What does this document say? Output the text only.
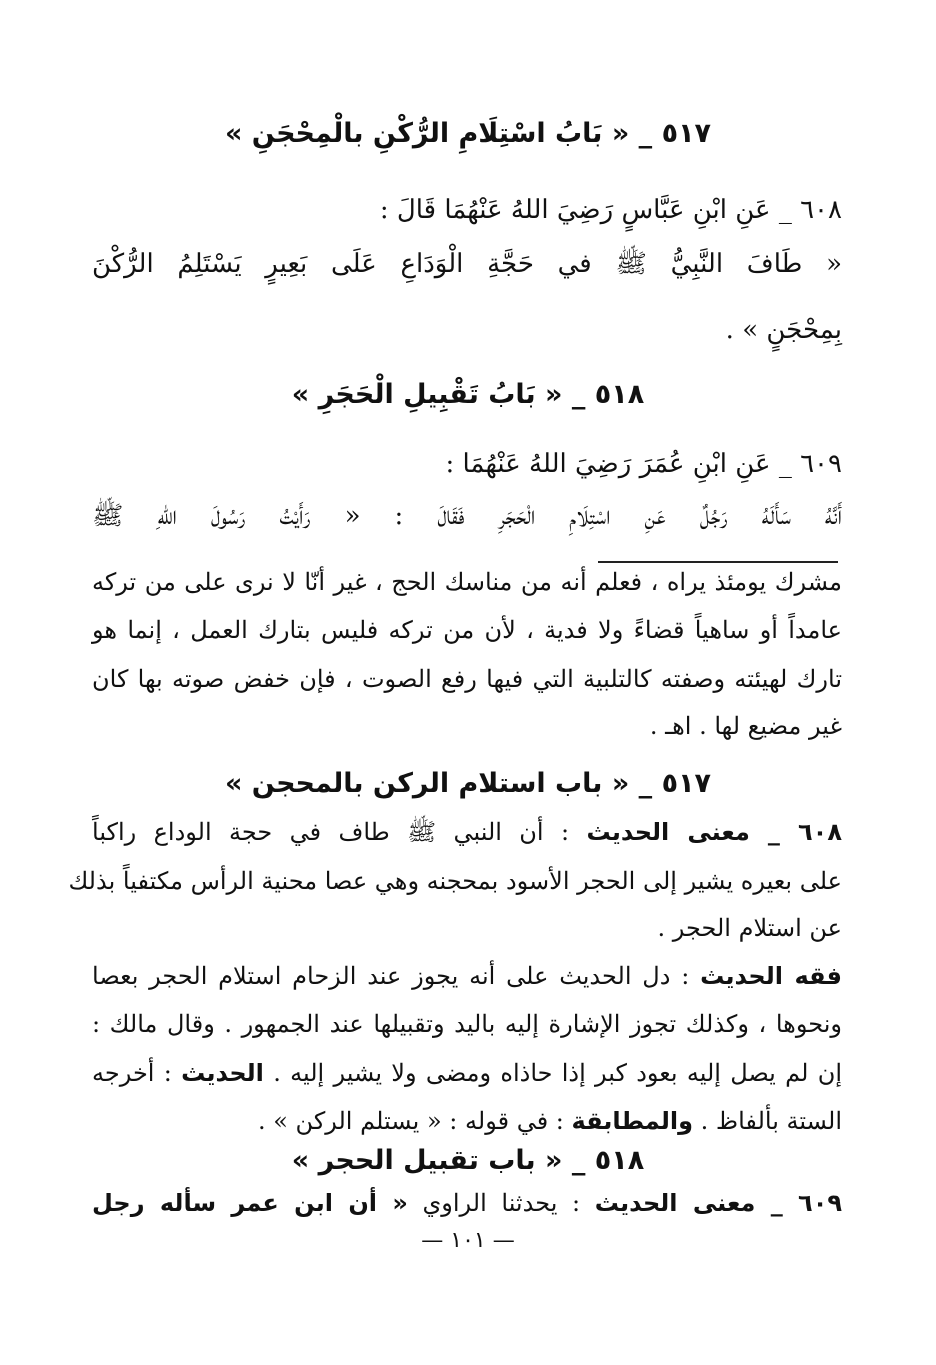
٥١٧ _ « بَابُ اسْتِلَامِ الرُّكْنِ بالْمِحْجَنِ »
٦٠٨ _ عَنِ ابْنِ عَبَّاسٍ رَضِيَ اللهُ عَنْهُمَا قَالَ :
« طَافَ النَّبِيُّ ﷺ في حَجَّةِ الْوَدَاعِ عَلَى بَعِيرٍ يَسْتَلِمُ الرُّكْنَ
بِمِحْجَنٍ » .
٥١٨ _ « بَابُ تَقْبِيلِ الْحَجَرِ »
٦٠٩ _ عَنِ ابْنِ عُمَرَ رَضِيَ اللهُ عَنْهُمَا :
أَنَّهُ سَأَلَهُ رَجُلٌ عَنِ اسْتِلَامِ الْحَجَرِ فَقَالَ : « رَأَيْتُ رَسُولَ اللهِ ﷺ
مشرك يومئذ يراه ، فعلم أنه من مناسك الحج ، غير أنّا لا نرى على من تركه
عامداً أو ساهياً قضاءً ولا فدية ، لأن من تركه فليس بتارك العمل ، إنما هو
تارك لهيئته وصفته كالتلبية التي فيها رفع الصوت ، فإن خفض صوته بها كان
غير مضيع لها . اهـ .
٥١٧ _ « باب استلام الركن بالمحجن »
٦٠٨ _ معنى الحديث : أن النبي ﷺ طاف في حجة الوداع راكباً
على بعيره يشير إلى الحجر الأسود بمحجنه وهي عصا محنية الرأس مكتفياً بذلك
عن استلام الحجر .
فقه الحديث : دل الحديث على أنه يجوز عند الزحام استلام الحجر بعصا
ونحوها ، وكذلك تجوز الإشارة إليه باليد وتقبيلها عند الجمهور . وقال مالك :
إن لم يصل إليه بعود كبر إذا حاذاه ومضى ولا يشير إليه . الحديث : أخرجه
الستة بألفاظ . والمطابقة : في قوله : « يستلم الركن » .
٥١٨ _ « باب تقبيل الحجر »
٦٠٩ _ معنى الحديث : يحدثنا الراوي « أن ابن عمر سأله رجل
— ١٠١ —
